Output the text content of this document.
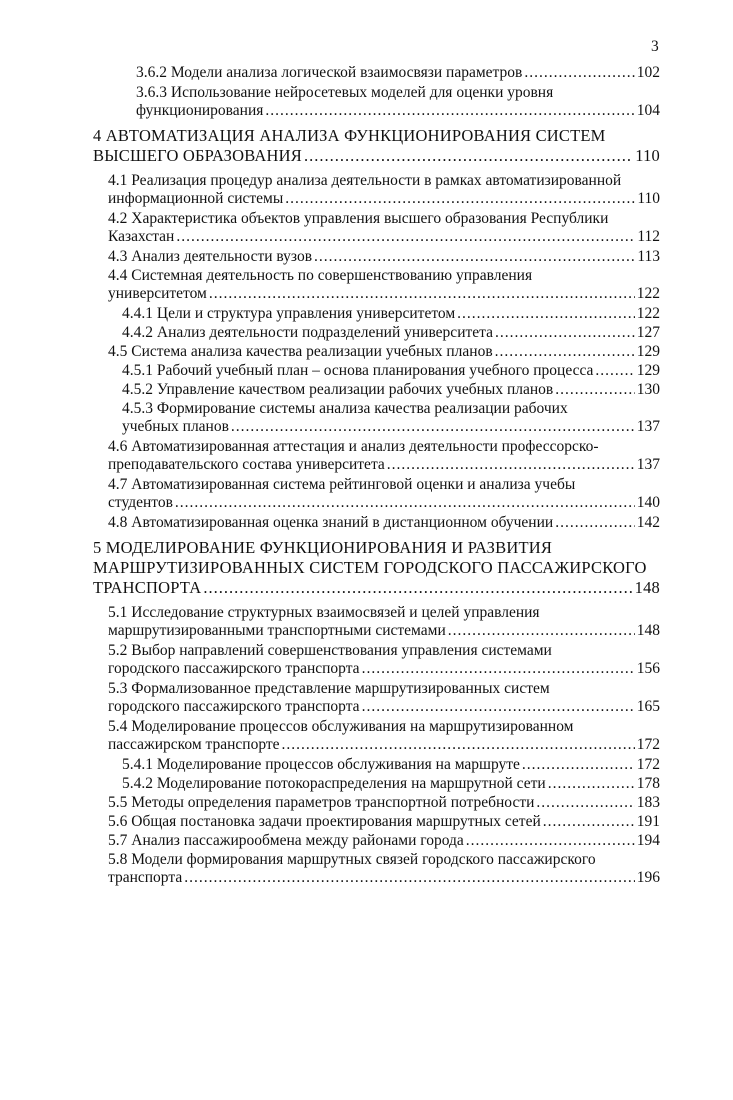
3
3.6.2 Модели анализа логической взаимосвязи параметров .....	102
3.6.3 Использование нейросетевых моделей для оценки уровня
функционирования .....	104
4 АВТОМАТИЗАЦИЯ АНАЛИЗА ФУНКЦИОНИРОВАНИЯ СИСТЕМ
ВЫСШЕГО ОБРАЗОВАНИЯ .....	110
4.1 Реализация процедур анализа деятельности в рамках автоматизированной
информационной системы .....	110
4.2 Характеристика объектов управления высшего образования Республики
Казахстан .....	112
4.3 Анализ деятельности вузов .....	113
4.4 Системная деятельность по совершенствованию управления
университетом .....	122
4.4.1 Цели и структура управления университетом .....	122
4.4.2 Анализ деятельности подразделений университета .....	127
4.5 Система анализа качества реализации учебных планов .....	129
4.5.1 Рабочий учебный план – основа планирования учебного процесса .....	129
4.5.2 Управление качеством реализации рабочих учебных планов .....	130
4.5.3 Формирование системы анализа качества реализации рабочих
учебных планов .....	137
4.6 Автоматизированная аттестация и анализ деятельности профессорско-
преподавательского состава университета .....	137
4.7 Автоматизированная система рейтинговой оценки и анализа учебы
студентов .....	140
4.8 Автоматизированная оценка знаний в дистанционном обучении .....	142
5 МОДЕЛИРОВАНИЕ ФУНКЦИОНИРОВАНИЯ И РАЗВИТИЯ
МАРШРУТИЗИРОВАННЫХ СИСТЕМ ГОРОДСКОГО ПАССАЖИРСКОГО
ТРАНСПОРТА .....	148
5.1 Исследование структурных взаимосвязей и целей управления
маршрутизированными транспортными системами .....	148
5.2 Выбор направлений совершенствования управления системами
городского пассажирского транспорта .....	156
5.3 Формализованное представление маршрутизированных систем
городского пассажирского транспорта .....	165
5.4 Моделирование процессов обслуживания на маршрутизированном
пассажирском транспорте .....	172
5.4.1 Моделирование процессов обслуживания на маршруте .....	172
5.4.2 Моделирование потокораспределения на маршрутной сети .....	178
5.5 Методы определения параметров транспортной потребности .....	183
5.6 Общая постановка задачи проектирования маршрутных сетей .....	191
5.7 Анализ пассажирообмена между районами города .....	194
5.8 Модели формирования маршрутных связей городского пассажирского
транспорта .....	196
